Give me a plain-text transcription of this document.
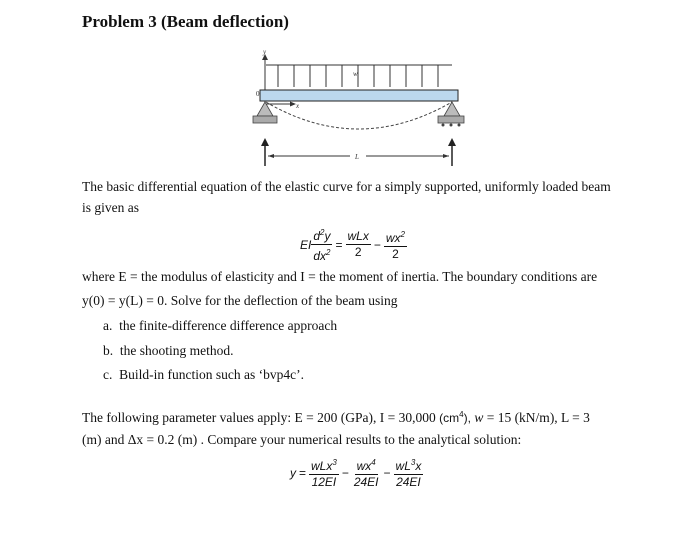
Problem 3 (Beam deflection)
y
w
0
x
L
The basic differential equation of the elastic curve for a simply supported, uniformly loaded beam
is given as
EI $\frac{d^2y}{dx^2} = \frac{\text{wLx}}{2} - \frac{wx^2}{2}$
where E = the modulus of elasticity and I = the moment of inertia. The boundary conditions are
y(0) = y(L) = 0. Solve for the deflection of the beam using
a. the finite-difference difference approach
b. the shooting method.
c. Build-in function such as ‘bvp4c’.
The following parameter values apply: E = 200 (GPa), I = 30,000 $(cm^4)$, w = 15 (kN/m), L = 3
(m) and Δx = 0.2 (m) . Compare your numerical results to the analytical solution:
$y = \frac{wLx^3}{12EI} - \frac{wx^4}{24EI} - \frac{wL^3x}{24EI}$
